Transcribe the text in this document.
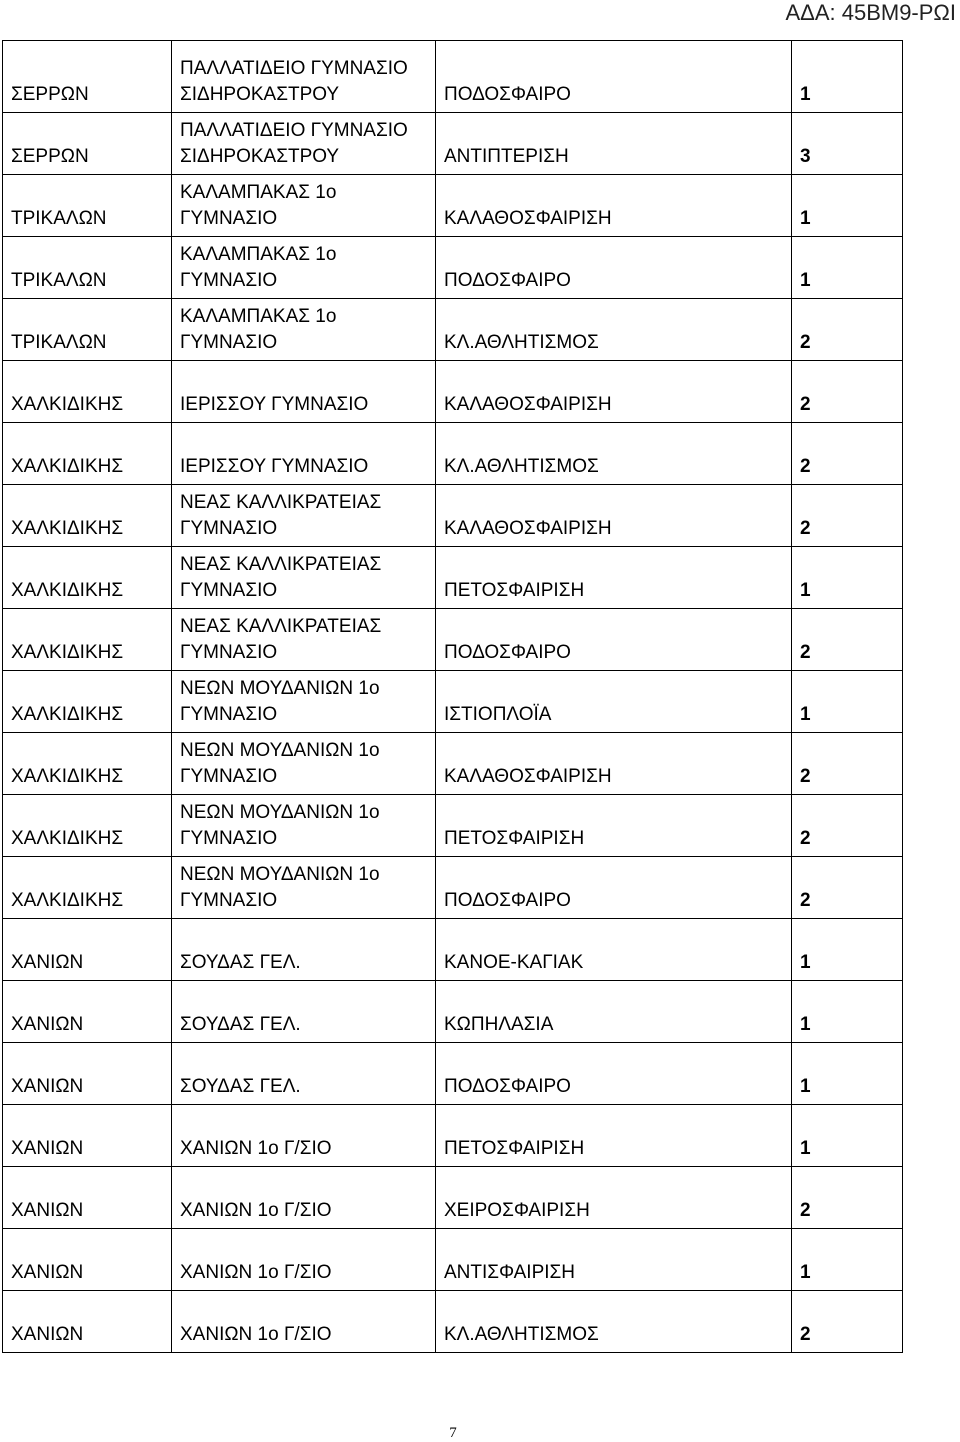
ΑΔΑ: 45ΒΜ9-ΡΩΙ
ΣΕΡΡΩΝ	ΠΑΛΛΑΤΙΔΕΙΟ ΓΥΜΝΑΣΙΟ ΣΙΔΗΡΟΚΑΣΤΡΟΥ	ΠΟΔΟΣΦΑΙΡΟ	1
ΣΕΡΡΩΝ	ΠΑΛΛΑΤΙΔΕΙΟ ΓΥΜΝΑΣΙΟ ΣΙΔΗΡΟΚΑΣΤΡΟΥ	ΑΝΤΙΠΤΕΡΙΣΗ	3
ΤΡΙΚΑΛΩΝ	ΚΑΛΑΜΠΑΚΑΣ 1ο ΓΥΜΝΑΣΙΟ	ΚΑΛΑΘΟΣΦΑΙΡΙΣΗ	1
ΤΡΙΚΑΛΩΝ	ΚΑΛΑΜΠΑΚΑΣ 1ο ΓΥΜΝΑΣΙΟ	ΠΟΔΟΣΦΑΙΡΟ	1
ΤΡΙΚΑΛΩΝ	ΚΑΛΑΜΠΑΚΑΣ 1ο ΓΥΜΝΑΣΙΟ	ΚΛ.ΑΘΛΗΤΙΣΜΟΣ	2
ΧΑΛΚΙΔΙΚΗΣ	ΙΕΡΙΣΣΟΥ ΓΥΜΝΑΣΙΟ	ΚΑΛΑΘΟΣΦΑΙΡΙΣΗ	2
ΧΑΛΚΙΔΙΚΗΣ	ΙΕΡΙΣΣΟΥ ΓΥΜΝΑΣΙΟ	ΚΛ.ΑΘΛΗΤΙΣΜΟΣ	2
ΧΑΛΚΙΔΙΚΗΣ	ΝΕΑΣ ΚΑΛΛΙΚΡΑΤΕΙΑΣ ΓΥΜΝΑΣΙΟ	ΚΑΛΑΘΟΣΦΑΙΡΙΣΗ	2
ΧΑΛΚΙΔΙΚΗΣ	ΝΕΑΣ ΚΑΛΛΙΚΡΑΤΕΙΑΣ ΓΥΜΝΑΣΙΟ	ΠΕΤΟΣΦΑΙΡΙΣΗ	1
ΧΑΛΚΙΔΙΚΗΣ	ΝΕΑΣ ΚΑΛΛΙΚΡΑΤΕΙΑΣ ΓΥΜΝΑΣΙΟ	ΠΟΔΟΣΦΑΙΡΟ	2
ΧΑΛΚΙΔΙΚΗΣ	ΝΕΩΝ ΜΟΥΔΑΝΙΩΝ 1ο ΓΥΜΝΑΣΙΟ	ΙΣΤΙΟΠΛΟΪΑ	1
ΧΑΛΚΙΔΙΚΗΣ	ΝΕΩΝ ΜΟΥΔΑΝΙΩΝ 1ο ΓΥΜΝΑΣΙΟ	ΚΑΛΑΘΟΣΦΑΙΡΙΣΗ	2
ΧΑΛΚΙΔΙΚΗΣ	ΝΕΩΝ ΜΟΥΔΑΝΙΩΝ 1ο ΓΥΜΝΑΣΙΟ	ΠΕΤΟΣΦΑΙΡΙΣΗ	2
ΧΑΛΚΙΔΙΚΗΣ	ΝΕΩΝ ΜΟΥΔΑΝΙΩΝ 1ο ΓΥΜΝΑΣΙΟ	ΠΟΔΟΣΦΑΙΡΟ	2
ΧΑΝΙΩΝ	ΣΟΥΔΑΣ ΓΕΛ.	ΚΑΝΟΕ-ΚΑΓΙΑΚ	1
ΧΑΝΙΩΝ	ΣΟΥΔΑΣ ΓΕΛ.	ΚΩΠΗΛΑΣΙΑ	1
ΧΑΝΙΩΝ	ΣΟΥΔΑΣ ΓΕΛ.	ΠΟΔΟΣΦΑΙΡΟ	1
ΧΑΝΙΩΝ	ΧΑΝΙΩΝ 1ο Γ/ΣΙΟ	ΠΕΤΟΣΦΑΙΡΙΣΗ	1
ΧΑΝΙΩΝ	ΧΑΝΙΩΝ 1ο Γ/ΣΙΟ	ΧΕΙΡΟΣΦΑΙΡΙΣΗ	2
ΧΑΝΙΩΝ	ΧΑΝΙΩΝ 1ο Γ/ΣΙΟ	ΑΝΤΙΣΦΑΙΡΙΣΗ	1
ΧΑΝΙΩΝ	ΧΑΝΙΩΝ 1ο Γ/ΣΙΟ	ΚΛ.ΑΘΛΗΤΙΣΜΟΣ	2
7
